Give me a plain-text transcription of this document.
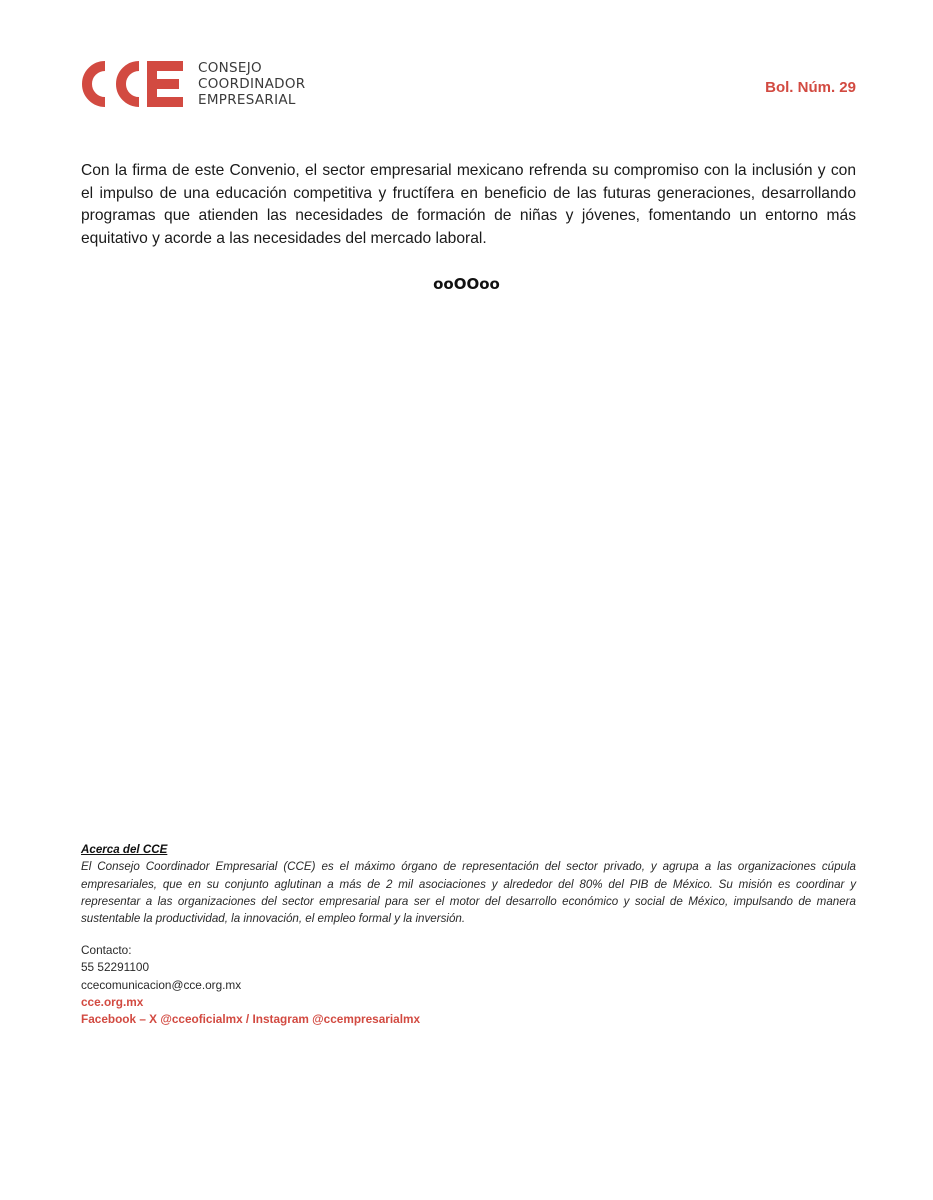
CONSEJO
COORDINADOR
EMPRESARIAL
Bol. Núm. 29

Con la firma de este Convenio, el sector empresarial mexicano refrenda su compromiso con la inclusión y con el impulso de una educación competitiva y fructífera en beneficio de las futuras generaciones, desarrollando programas que atienden las necesidades de formación de niñas y jóvenes, fomentando un entorno más equitativo y acorde a las necesidades del mercado laboral.

ooOOoo
Acerca del CCE

El Consejo Coordinador Empresarial (CCE) es el máximo órgano de representación del sector privado, y agrupa a las organizaciones cúpula empresariales, que en su conjunto aglutinan a más de 2 mil asociaciones y alrededor del 80% del PIB de México. Su misión es coordinar y representar a las organizaciones del sector empresarial para ser el motor del desarrollo económico y social de México, impulsando de manera sustentable la productividad, la innovación, el empleo formal y la inversión.

Contacto:
55 52291100
ccecomunicacion@cce.org.mx
cce.org.mx
Facebook – X @cceoficialmx / Instagram @ccempresarialmx
